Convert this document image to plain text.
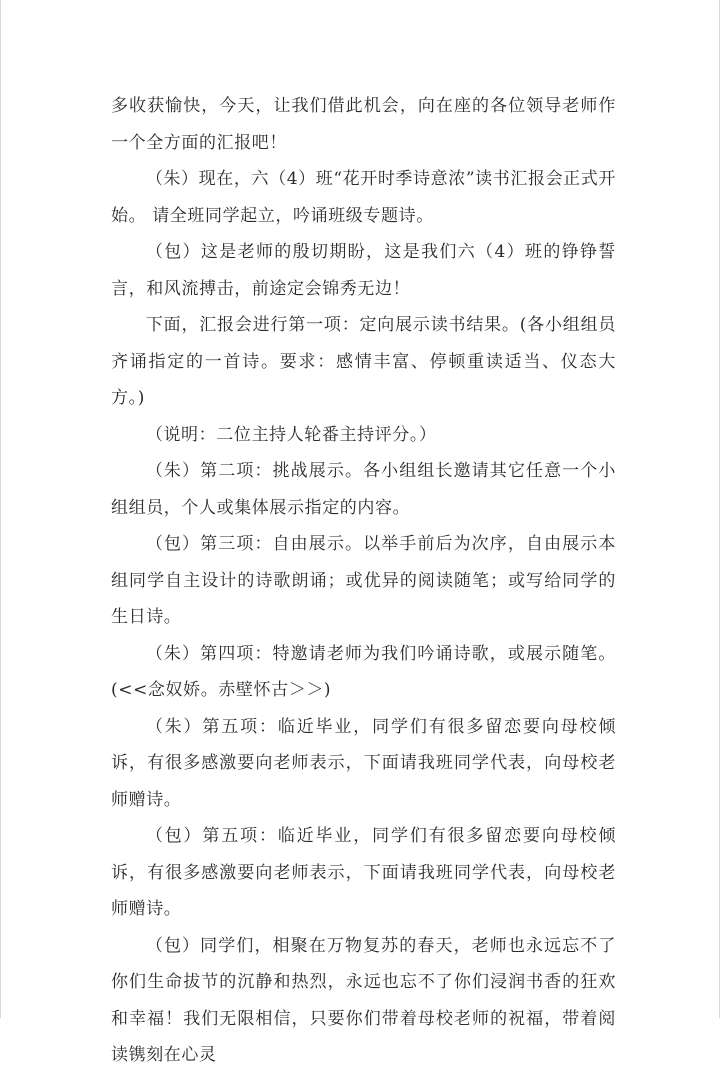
多收获愉快，今天，让我们借此机会，向在座的各位领导老师作一个全方面的汇报吧！

（朱）现在，六（4）班“花开时季诗意浓”读书汇报会正式开始。 请全班同学起立，吟诵班级专题诗。

（包）这是老师的殷切期盼，这是我们六（4）班的铮铮誓言，和风流搏击，前途定会锦秀无边！

下面，汇报会进行第一项：定向展示读书结果。(各小组组员齐诵指定的一首诗。要求：感情丰富、停顿重读适当、仪态大方。)

（说明：二位主持人轮番主持评分。）

（朱）第二项：挑战展示。各小组组长邀请其它任意一个小组组员，个人或集体展示指定的内容。

（包）第三项：自由展示。以举手前后为次序，自由展示本组同学自主设计的诗歌朗诵；或优异的阅读随笔；或写给同学的生日诗。

（朱）第四项：特邀请老师为我们吟诵诗歌，或展示随笔。(<<念奴娇。赤壁怀古＞＞)

（朱）第五项：临近毕业，同学们有很多留恋要向母校倾诉，有很多感激要向老师表示，下面请我班同学代表，向母校老师赠诗。

（包）第五项：临近毕业，同学们有很多留恋要向母校倾诉，有很多感激要向老师表示，下面请我班同学代表，向母校老师赠诗。

（包）同学们，相聚在万物复苏的春天，老师也永远忘不了你们生命拔节的沉静和热烈，永远也忘不了你们浸润书香的狂欢和幸福！我们无限相信，只要你们带着母校老师的祝福，带着阅读镌刻在心灵
